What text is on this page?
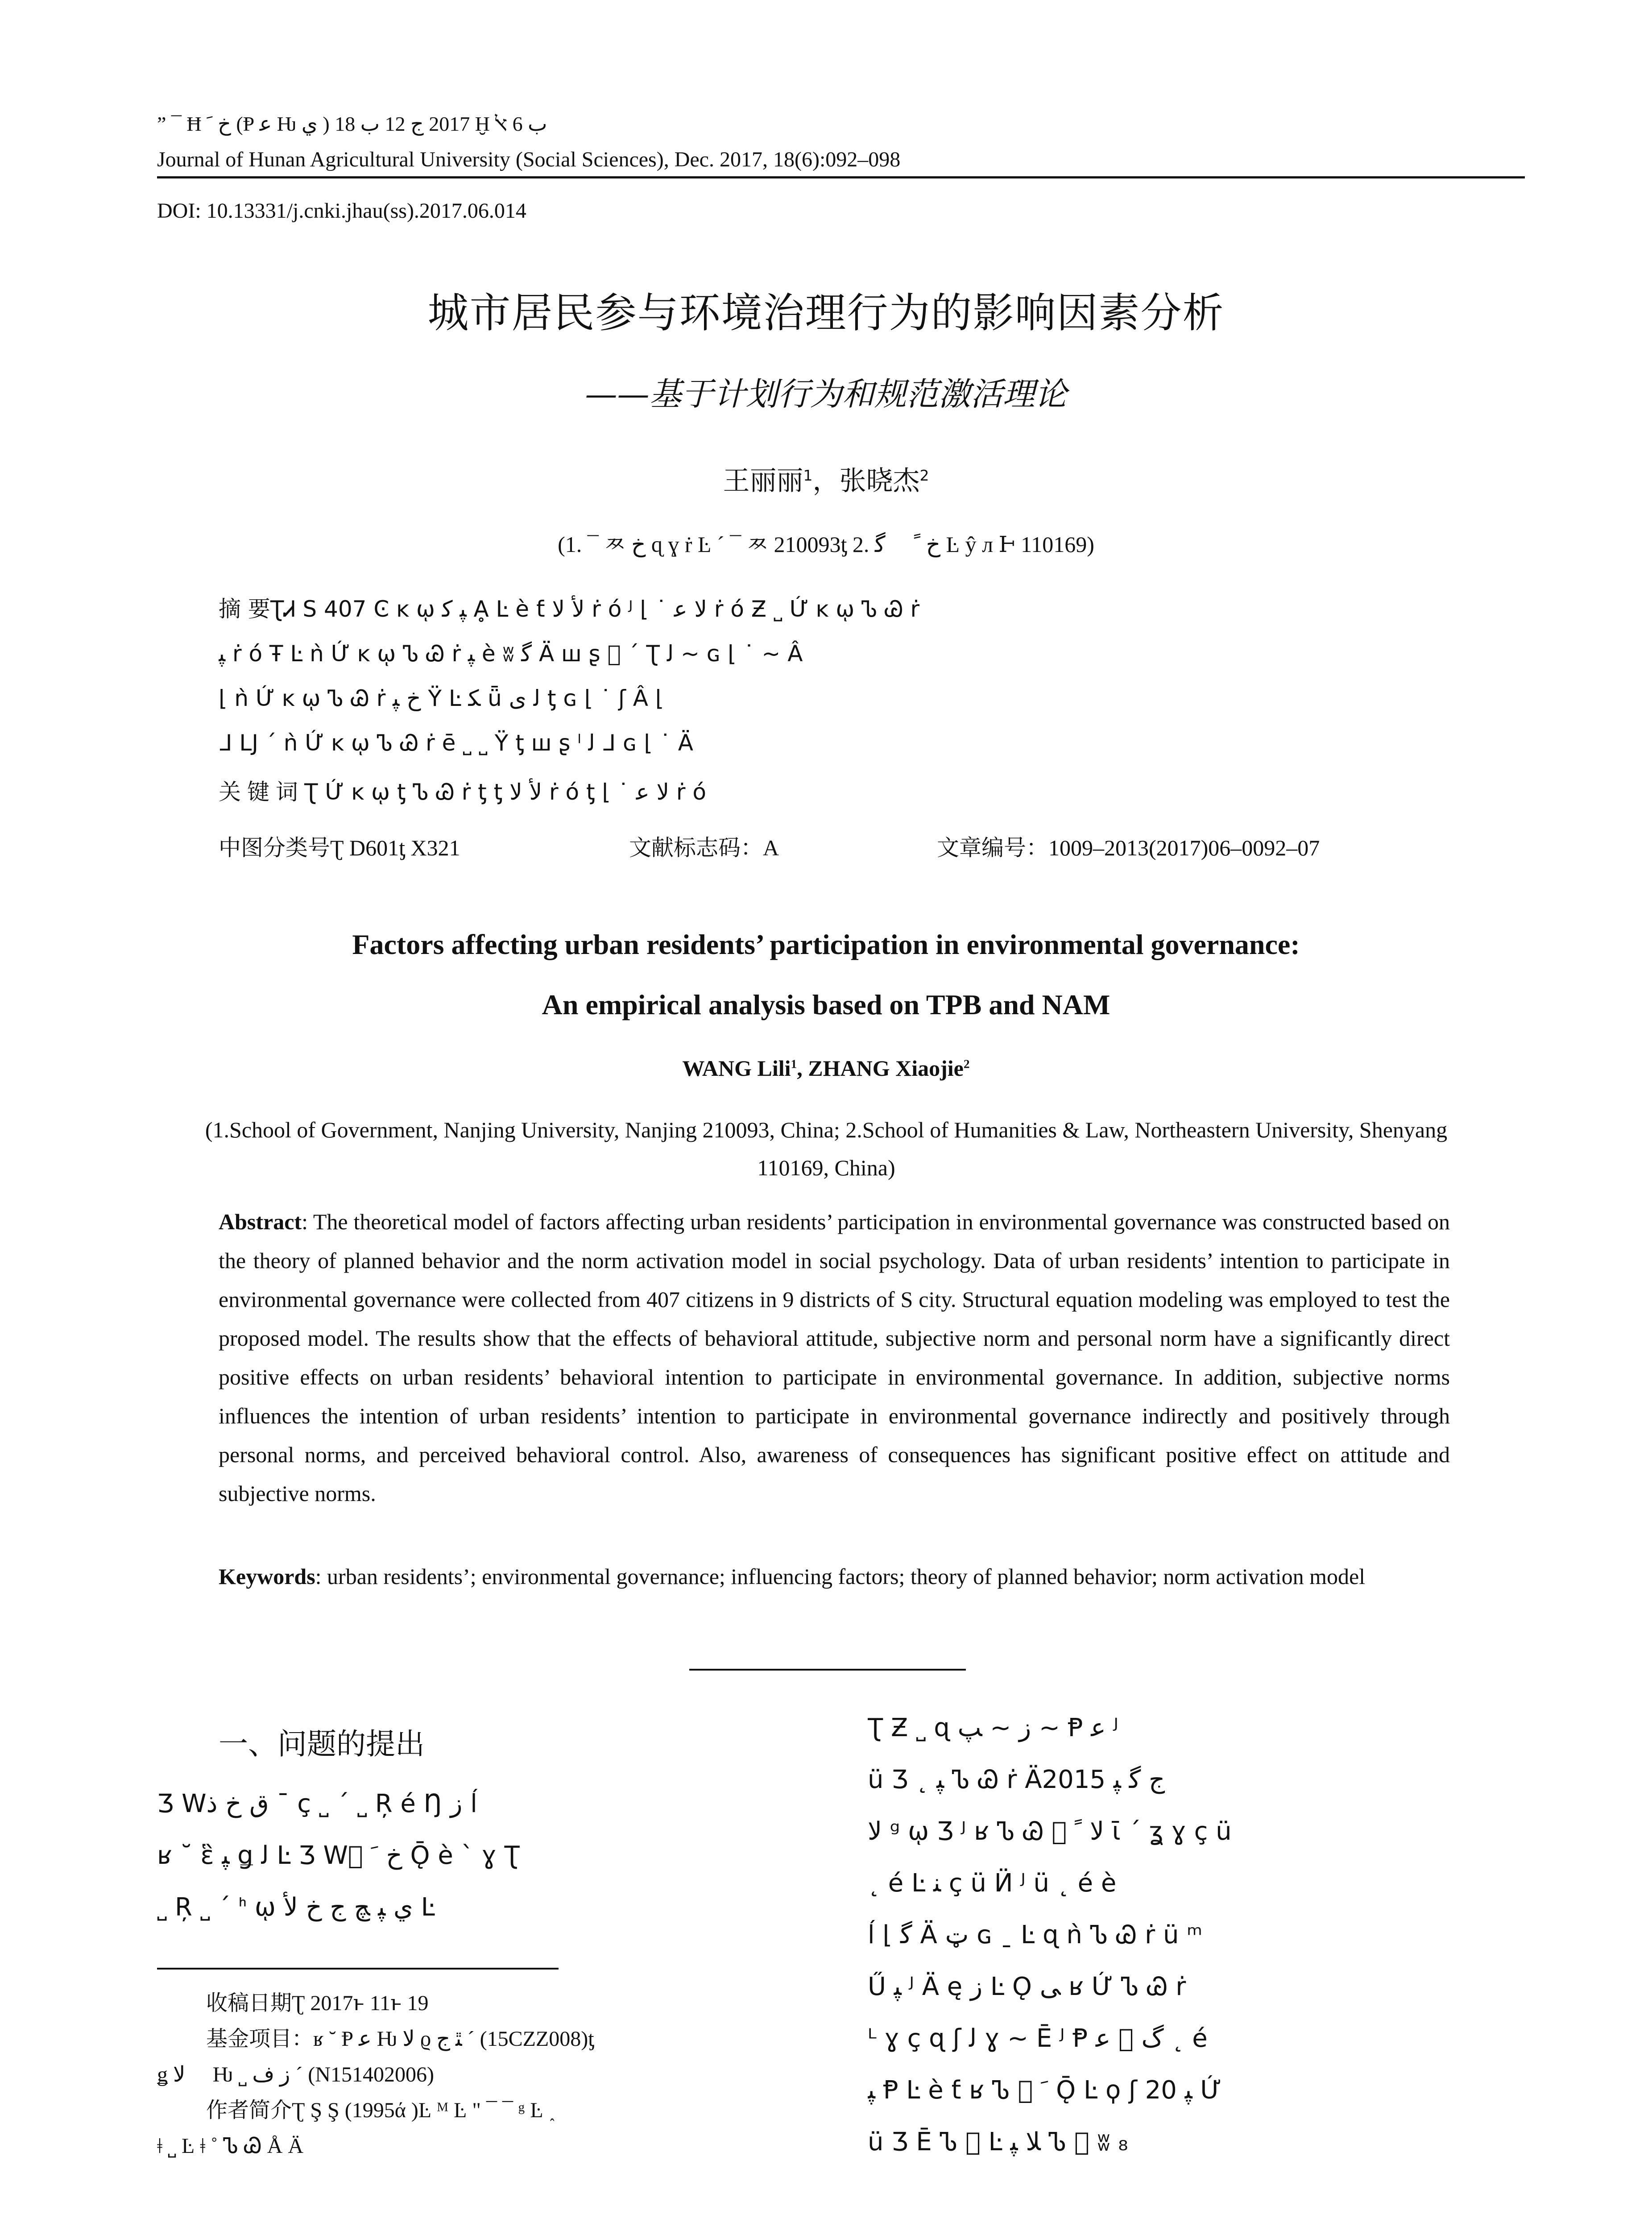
” ¯ Ħ ﺥ ﹶ (Ᵽ ﻋ Ƕ ﻱ ) 2017 ﺝ 12 ﺏ 18 Ḫ ﺏ 6 ﭏ
Journal of Hunan Agricultural University (Social Sciences), Dec. 2017, 18(6):092–098
DOI: 10.13331/j.cnki.jhau(ss).2017.06.014
城市居民参与环境治理行为的影响因素分析
——基于计划行为和规范激活理论
王丽丽$^1$，张晓杰$^2$
(1. ¯ ㅉ ﺥ ɋ ɣ ṙ Ŀ ˊ ¯ ㅉ 210093ƫ 2. ﮔ 􀀀 ﺥ ﹰ Ŀ ŷ л Ͱ 110169)
摘 要ƮᏗ S 407 Ͼ ĸ ῳ ﭙ ﮐ Ḁ Ŀ è ƭ ﻷ ﻻ ṙ ó ᴶ ⌊ ˙ ﻻ ﻋ ṙ ó Ƶ ˽ Ứ ĸ ῳ Ꮦ Ꮚ ṙ
ﭙ ṙ ó Ŧ Ŀ ǹ Ứ ĸ ῳ Ꮦ Ꮚ ṙ ﭙ è ʬ ﮔ Ä ꟺ ʂ 􀀀 ˊ Ʈ ﻟ ~ ɢ ⌊ ˙ ~ Â
⌊ ǹ Ứ ĸ ῳ Ꮦ Ꮚ ṙ ﺥ ﭙ Ÿ Ŀ ﮑ ǖ ﻟ ﯼ ƫ ɢ ⌊ ˙ ʃ Â ⌊
ᒧ LJ ˊ ǹ Ứ ĸ ῳ Ꮦ Ꮚ ṙ ē ˽ ˽ Ÿ ƫ ꟺ ʂ ˡ ﻟ ᒧ ɢ ⌊ ˙ Ä
关键词Ʈ Ứ ĸ ῳ ƫ Ꮦ Ꮚ ṙ ƫ ƫ ﻷ ﻻ ṙ ó ƫ ⌊ ˙ ﻻ ﻋ ṙ ó
中图分类号Ʈ D601ƫ X321	文献标志码：A	文章编号：1009–2013(2017)06–0092–07
Factors affecting urban residents’ participation in environmental governance:
An empirical analysis based on TPB and NAM
WANG Lili$^1$, ZHANG Xiaojie$^2$
(1.School of Government, Nanjing University, Nanjing 210093, China; 2.School of Humanities & Law, Northeastern University, Shenyang 110169, China)
Abstract: The theoretical model of factors affecting urban residents’ participation in environmental governance was constructed based on the theory of planned behavior and the norm activation model in social psychology. Data of urban residents’ intention to participate in environmental governance were collected from 407 citizens in 9 districts of S city. Structural equation modeling was employed to test the proposed model. The results show that the effects of behavioral attitude, subjective norm and personal norm have a significantly direct positive effects on urban residents’ behavioral intention to participate in environmental governance. In addition, subjective norms influences the intention of urban residents’ intention to participate in environmental governance indirectly and positively through personal norms, and perceived behavioral control. Also, awareness of consequences has significant positive effect on attitude and subjective norms.
Keywords: urban residents’; environmental governance; influencing factors; theory of planned behavior; norm activation model
一、问题的提出
Ʒ Wق ﺥ ﺫ ¯ ç ˽ ˊ ˽ Ŗ é Ŋ ﺯ ĺ
ʁ ˘ ἓ ﭙ ǥ ﻟ Ŀ Ʒ Wᷧ ﺥ ﹶ Ǭ è ` ɣ Ʈ
˽ Ŗ ˽ ˊ ᑋ ῳ ﻱ ﭙ ﭻ ﺝ ﺥ ﻷ Ŀ
收稿日期Ʈ 2017ͱ 11ͱ 19
基金项目：ʁ ˘ Ᵽ ﻋ Ƕ ﻻ ϱ ﭥ ﺝ ˊ (15CZZ008)ƫ
ǥ ﻻ 􀀀 Ƕ ˽ ﺯ ﻑ ˊ (N151402006)
作者简介Ʈ Ş Ş (1995ά )Ŀ ᴹ Ŀ " ¯ ¯ ᵍ Ŀ ˰
ǂ ˽ Ŀ ǂ ˚ Ꮦ Ꮚ Å Ä
Ʈ Ƶ ˽ ɋ ﺯ ~ ﭗ ~ Ᵽ ﻋ ᴶ
ü Ʒ ˛ ﭙ Ꮦ Ꮚ ṙ Ä2015 ﺝ ﮔ ﭙ
ﻻ ᵍ ῳ Ʒ ᴶ ʁ Ꮦ Ꮚ 􀀀 ﻻ ﹰ ῑ ˊ ʓ ɣ ç ü
˛ é Ŀ ﻨ ç ü Ӥ ᴶ ü ˛ é è
ĺ ⌊ ﮔ Ä ټ ɢ ˍ Ŀ ɋ ǹ Ꮦ Ꮚ ṙ ü ᵐ
Ű ﭙ ᴶ Ä ę ﺯ Ŀ Ǫ ﯽ ʁ Ứ Ꮦ Ꮚ ṙ
ᴸ ɣ ç ɋ ʃ ﻟ ɣ ~ Ē ᴶ Ᵽ ﻋ 􀀀 ﮒ ˛ é
ﭙ Ᵽ Ŀ è ƭ ʁ Ꮦ 􀀀 ﹶ Ǭ Ŀ ϙ ʃ 20 ﭙ Ứ
ü Ʒ Ē Ꮦ 􀀀 Ŀ ﻼ ﭙ Ꮦ 􀀀 ʬ ₈
